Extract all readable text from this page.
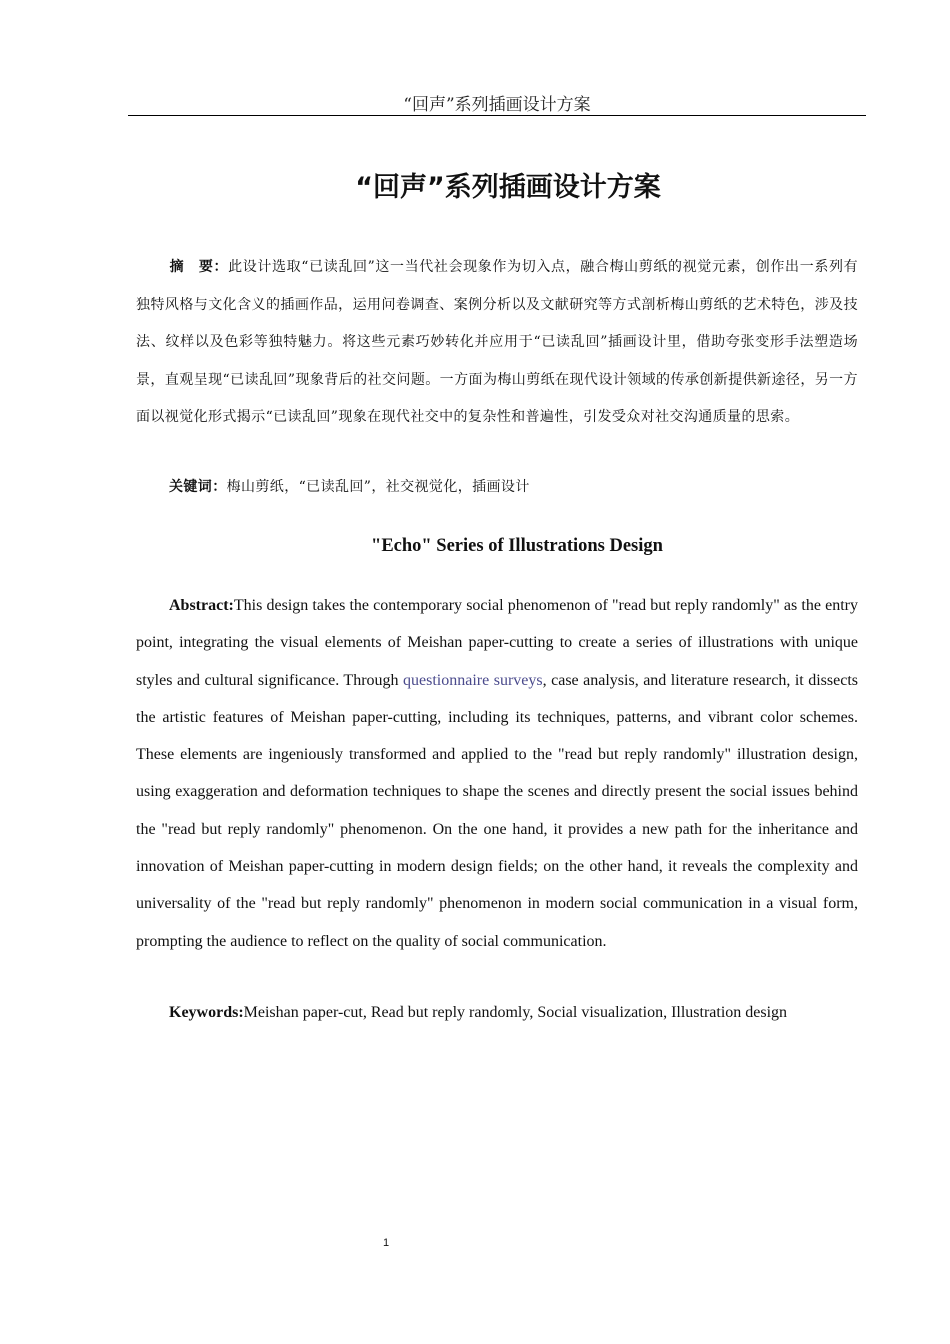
“回声”系列插画设计方案
“回声”系列插画设计方案

摘　要：此设计选取“已读乱回”这一当代社会现象作为切入点，融合梅山剪纸的视觉元素，创作出一系列有独特风格与文化含义的插画作品，运用问卷调查、案例分析以及文献研究等方式剖析梅山剪纸的艺术特色，涉及技法、纹样以及色彩等独特魅力。将这些元素巧妙转化并应用于“已读乱回”插画设计里，借助夸张变形手法塑造场景，直观呈现“已读乱回”现象背后的社交问题。一方面为梅山剪纸在现代设计领域的传承创新提供新途径，另一方面以视觉化形式揭示“已读乱回”现象在现代社交中的复杂性和普遍性，引发受众对社交沟通质量的思索。

关键词：梅山剪纸，“已读乱回”，社交视觉化，插画设计

"Echo" Series of Illustrations Design

Abstract:This design takes the contemporary social phenomenon of "read but reply randomly" as the entry point, integrating the visual elements of Meishan paper-cutting to create a series of illustrations with unique styles and cultural significance. Through questionnaire surveys, case analysis, and literature research, it dissects the artistic features of Meishan paper-cutting, including its techniques, patterns, and vibrant color schemes. These elements are ingeniously transformed and applied to the "read but reply randomly" illustration design, using exaggeration and deformation techniques to shape the scenes and directly present the social issues behind the "read but reply randomly" phenomenon. On the one hand, it provides a new path for the inheritance and innovation of Meishan paper-cutting in modern design fields; on the other hand, it reveals the complexity and universality of the "read but reply randomly" phenomenon in modern social communication in a visual form, prompting the audience to reflect on the quality of social communication.

Keywords:Meishan paper-cut, Read but reply randomly, Social visualization, Illustration design

1
